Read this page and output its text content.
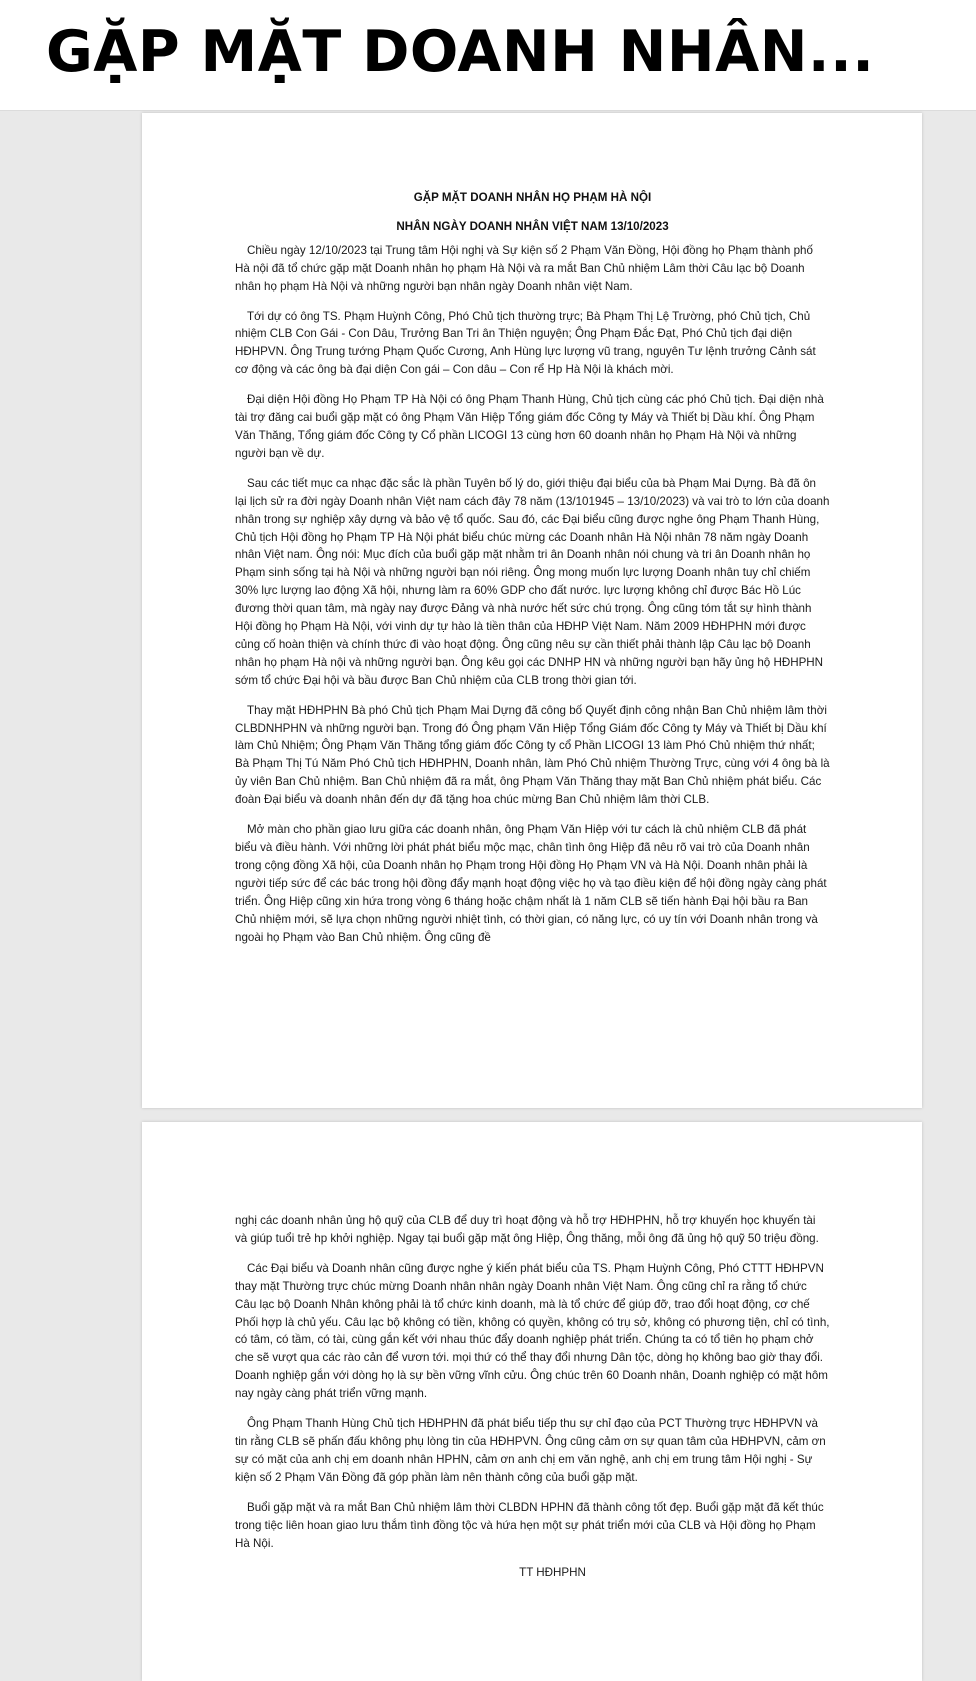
GẶP MẶT DOANH NHÂN...

GẶP MẶT DOANH NHÂN HỌ PHẠM HÀ NỘI

NHÂN NGÀY DOANH NHÂN VIỆT NAM 13/10/2023

Chiều ngày 12/10/2023 tại Trung tâm Hội nghị và Sự kiện số 2 Phạm Văn Đồng, Hội đồng họ Phạm thành phố Hà nội đã tổ chức gặp mặt Doanh nhân họ phạm Hà Nội và ra mắt Ban Chủ nhiệm Lâm thời Câu lạc bộ Doanh nhân họ phạm Hà Nội và những người bạn nhân ngày Doanh nhân việt Nam.

Tới dự có ông TS. Phạm Huỳnh Công, Phó Chủ tịch thường trực; Bà Phạm Thị Lệ Trường, phó Chủ tịch, Chủ nhiệm CLB Con Gái - Con Dâu, Trưởng Ban Tri ân Thiện nguyện; Ông Phạm Đắc Đạt, Phó Chủ tịch đại diện HĐHPVN. Ông Trung tướng Phạm Quốc Cương, Anh Hùng lực lượng vũ trang, nguyên Tư lệnh trưởng Cảnh sát cơ động và các ông bà đại diện Con gái – Con dâu – Con rể Hp Hà Nội là khách mời.

Đại diện Hội đồng Họ Phạm TP Hà Nội có ông Phạm Thanh Hùng, Chủ tịch cùng các phó Chủ tịch. Đại diện nhà tài trợ đăng cai buổi gặp mặt có ông Phạm Văn Hiệp Tổng giám đốc Công ty Máy và Thiết bị Dầu khí. Ông Phạm Văn Thăng, Tổng giám đốc Công ty Cổ phần LICOGI 13 cùng hơn 60 doanh nhân họ Phạm Hà Nội và những người bạn về dự.

Sau các tiết mục ca nhạc đặc sắc là phần Tuyên bố lý do, giới thiệu đại biểu của bà Phạm Mai Dựng. Bà đã ôn lại lịch sử ra đời ngày Doanh nhân Việt nam cách đây 78 năm (13/101945 – 13/10/2023) và vai trò to lớn của doanh nhân trong sự nghiệp xây dựng và bảo vệ tổ quốc. Sau đó, các Đại biểu cũng được nghe ông Phạm Thanh Hùng, Chủ tịch Hội đồng họ Phạm TP Hà Nội phát biểu chúc mừng các Doanh nhân Hà Nội nhân 78 năm ngày Doanh nhân Việt nam. Ông nói: Mục đích của buổi gặp mặt nhằm tri ân Doanh nhân nói chung và tri ân Doanh nhân họ Phạm sinh sống tại hà Nội và những người bạn nói riêng. Ông mong muốn lực lượng Doanh nhân tuy chỉ chiếm 30% lực lượng lao động Xã hội, nhưng làm ra 60% GDP cho đất nước. lực lượng không chỉ được Bác Hồ Lúc đương thời quan tâm, mà ngày nay được Đảng và nhà nước hết sức chú trọng. Ông cũng tóm tắt sự hình thành Hội đồng họ Phạm Hà Nội, với vinh dự tự hào là tiền thân của HĐHP Việt Nam. Năm 2009 HĐHPHN mới được củng cố hoàn thiện và chính thức đi vào hoạt động. Ông cũng nêu sự cần thiết phải thành lập Câu lạc bộ Doanh nhân họ phạm Hà nội và những người bạn. Ông kêu gọi các DNHP HN và những người bạn hãy ủng hộ HĐHPHN sớm tổ chức Đại hội và bầu được Ban Chủ nhiệm của CLB trong thời gian tới.

Thay mặt HĐHPHN Bà phó Chủ tịch Phạm Mai Dựng đã công bố Quyết định công nhận Ban Chủ nhiệm lâm thời CLBDNHPHN và những người bạn. Trong đó Ông phạm Văn Hiệp Tổng Giám đốc Công ty Máy và Thiết bị Dầu khí làm Chủ Nhiệm; Ông Phạm Văn Thăng tổng giám đốc Công ty cổ Phần LICOGI 13 làm Phó Chủ nhiệm thứ nhất; Bà Phạm Thị Tú Năm Phó Chủ tịch HĐHPHN, Doanh nhân, làm Phó Chủ nhiệm Thường Trực, cùng với 4 ông bà là ủy viên Ban Chủ nhiệm. Ban Chủ nhiệm đã ra mắt, ông Phạm Văn Thăng thay mặt Ban Chủ nhiệm phát biểu. Các đoàn Đại biểu và doanh nhân đến dự đã tặng hoa chúc mừng Ban Chủ nhiệm lâm thời CLB.

Mở màn cho phần giao lưu giữa các doanh nhân, ông Phạm Văn Hiệp với tư cách là chủ nhiệm CLB đã phát biểu và điều hành. Với những lời phát phát biểu mộc mạc, chân tình ông Hiệp đã nêu rõ vai trò của Doanh nhân trong cộng đồng Xã hội, của Doanh nhân họ Phạm trong Hội đồng Họ Phạm VN và Hà Nội. Doanh nhân phải là người tiếp sức để các bác trong hội đồng đẩy mạnh hoạt động việc họ và tạo điều kiện để hội đồng ngày càng phát triển. Ông Hiệp cũng xin hứa trong vòng 6 tháng hoặc chậm nhất là 1 năm CLB sẽ tiến hành Đại hội bầu ra Ban Chủ nhiệm mới, sẽ lựa chọn những người nhiệt tình, có thời gian, có năng lực, có uy tín với Doanh nhân trong và ngoài họ Phạm vào Ban Chủ nhiệm. Ông cũng đề

nghị các doanh nhân ủng hộ quỹ của CLB để duy trì hoạt động và hỗ trợ HĐHPHN, hỗ trợ khuyến học khuyến tài và giúp tuổi trẻ hp khởi nghiệp. Ngay tại buổi gặp mặt ông Hiệp, Ông thăng, mỗi ông đã ủng hộ quỹ 50 triệu đồng.

Các Đại biểu và Doanh nhân cũng được nghe ý kiến phát biểu của TS. Phạm Huỳnh Công, Phó CTTT HĐHPVN thay mặt Thường trực chúc mừng Doanh nhân nhân ngày Doanh nhân Việt Nam. Ông cũng chỉ ra rằng tổ chức Câu lạc bộ Doanh Nhân không phải là tổ chức kinh doanh, mà là tổ chức để giúp đỡ, trao đổi hoạt động, cơ chế Phối hợp là chủ yếu. Câu lạc bộ không có tiền, không có quyền, không có trụ sở, không có phương tiện, chỉ có tình, có tâm, có tầm, có tài, cùng gắn kết với nhau thúc đẩy doanh nghiệp phát triển. Chúng ta có tổ tiên họ phạm chở che sẽ vượt qua các rào cản để vươn tới. mọi thứ có thể thay đổi nhưng Dân tộc, dòng họ không bao giờ thay đổi. Doanh nghiệp gắn với dòng họ là sự bền vững vĩnh cửu. Ông chúc trên 60 Doanh nhân, Doanh nghiệp có mặt hôm nay ngày càng phát triển vững mạnh.

Ông Phạm Thanh Hùng Chủ tịch HĐHPHN đã phát biểu tiếp thu sự chỉ đạo của PCT Thường trực HĐHPVN và tin rằng CLB sẽ phấn đấu không phụ lòng tin của HĐHPVN. Ông cũng cảm ơn sự quan tâm của HĐHPVN, cảm ơn sự có mặt của anh chị em doanh nhân HPHN, cảm ơn anh chị em văn nghệ, anh chị em trung tâm Hội nghị - Sự kiện số 2 Phạm Văn Đồng đã góp phần làm nên thành công của buổi gặp mặt.

Buổi gặp mặt và ra mắt Ban Chủ nhiệm lâm thời CLBDN HPHN đã thành công tốt đẹp. Buổi gặp mặt đã kết thúc trong tiệc liên hoan giao lưu thắm tình đồng tộc và hứa hẹn một sự phát triển mới của CLB và Hội đồng họ Phạm Hà Nội.

TT HĐHPHN
